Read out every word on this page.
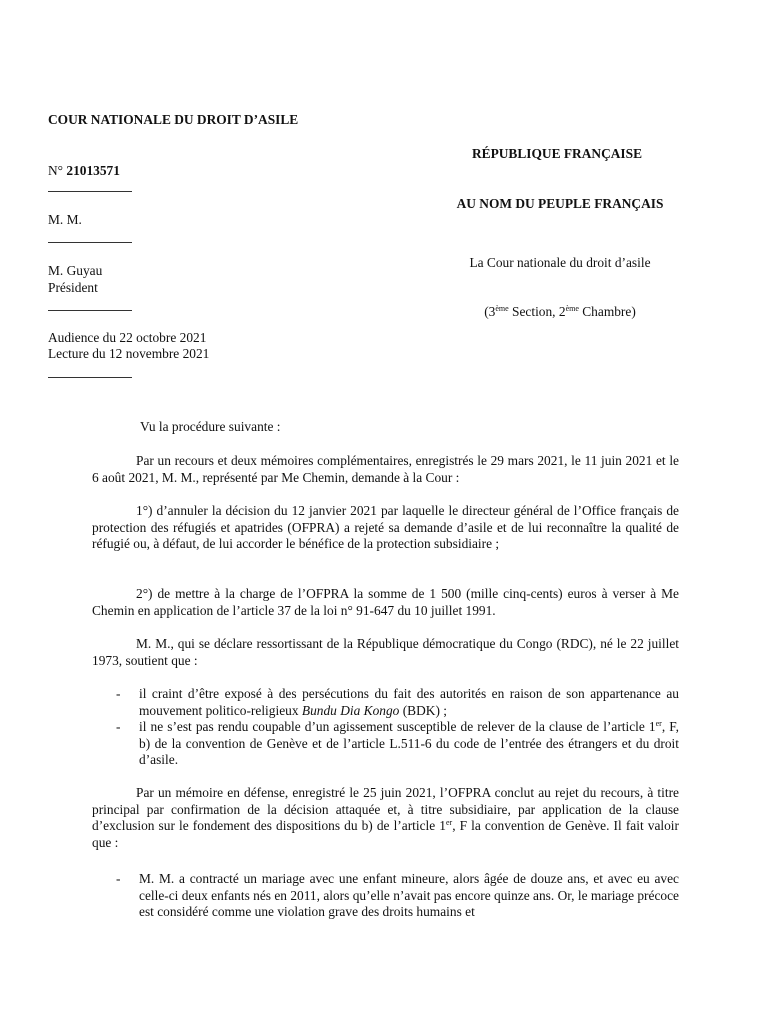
COUR NATIONALE DU DROIT D’ASILE
N° 21013571
M. M.
M. Guyau
Président
Audience du 22 octobre 2021
Lecture du 12 novembre 2021
RÉPUBLIQUE FRANÇAISE
AU NOM DU PEUPLE FRANÇAIS
La Cour nationale du droit d’asile
(3ème Section, 2ème Chambre)
Vu la procédure suivante :

Par un recours et deux mémoires complémentaires, enregistrés le 29 mars 2021, le 11 juin 2021 et le 6 août 2021, M. M., représenté par Me Chemin, demande à la Cour :

1°) d’annuler la décision du 12 janvier 2021 par laquelle le directeur général de l’Office français de protection des réfugiés et apatrides (OFPRA) a rejeté sa demande d’asile et de lui reconnaître la qualité de réfugié ou, à défaut, de lui accorder le bénéfice de la protection subsidiaire ;

2°) de mettre à la charge de l’OFPRA la somme de 1 500 (mille cinq-cents) euros à verser à Me Chemin en application de l’article 37 de la loi n° 91-647 du 10 juillet 1991.

M. M., qui se déclare ressortissant de la République démocratique du Congo (RDC), né le 22 juillet 1973, soutient que :

- il craint d’être exposé à des persécutions du fait des autorités en raison de son appartenance au mouvement politico-religieux Bundu Dia Kongo (BDK) ;
- il ne s’est pas rendu coupable d’un agissement susceptible de relever de la clause de l’article 1er, F, b) de la convention de Genève et de l’article L.511-6 du code de l’entrée des étrangers et du droit d’asile.

Par un mémoire en défense, enregistré le 25 juin 2021, l’OFPRA conclut au rejet du recours, à titre principal par confirmation de la décision attaquée et, à titre subsidiaire, par application de la clause d’exclusion sur le fondement des dispositions du b) de l’article 1er, F la convention de Genève. Il fait valoir que :

- M. M. a contracté un mariage avec une enfant mineure, alors âgée de douze ans, et avec eu avec celle-ci deux enfants nés en 2011, alors qu’elle n’avait pas encore quinze ans. Or, le mariage précoce est considéré comme une violation grave des droits humains et
